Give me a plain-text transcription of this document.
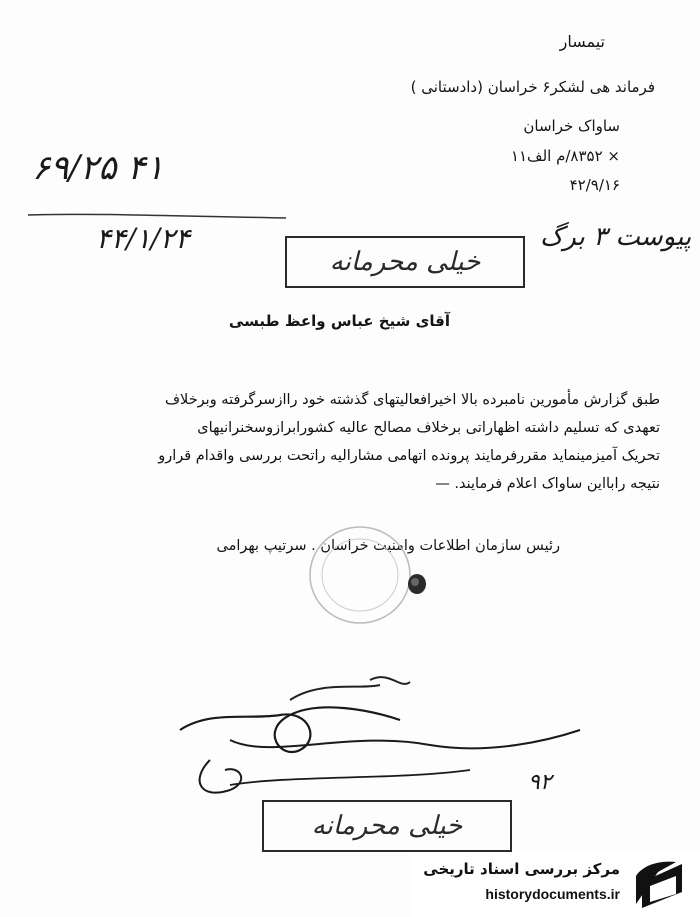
تیمسار
فرماند هی لشکر۶ خراسان (دادستانی )
ساواک خراسان
× ۸۳۵۲/م الف۱۱
۴۲/۹/۱۶
۶۹/۲۵ ۴۱
۴۴/۱/۲۴	پیوست ۳ برگ
خیلی محرمانه
آقای شیخ عباس واعظ طبسی
طبق گزارش مأمورین نامبرده بالا اخیرافعالیتهای گذشته خود راازسرگرفته وبرخلاف
تعهدی که تسلیم داشته اظهاراتی برخلاف مصالح عالیه کشورابرازوسخنرانیهای
تحریک آمیزمینماید مقررفرمایند پرونده اتهامی مشارالیه راتحت بررسی واقدام قرارو
نتیجه رابااین ساواک اعلام فرمایند. —
رئیس سازمان اطلاعات وامنیت خراسان . سرتیپ بهرامی
۹۲
خیلی محرمانه
مرکز بررسی اسناد تاریخی
historydocuments.ir
